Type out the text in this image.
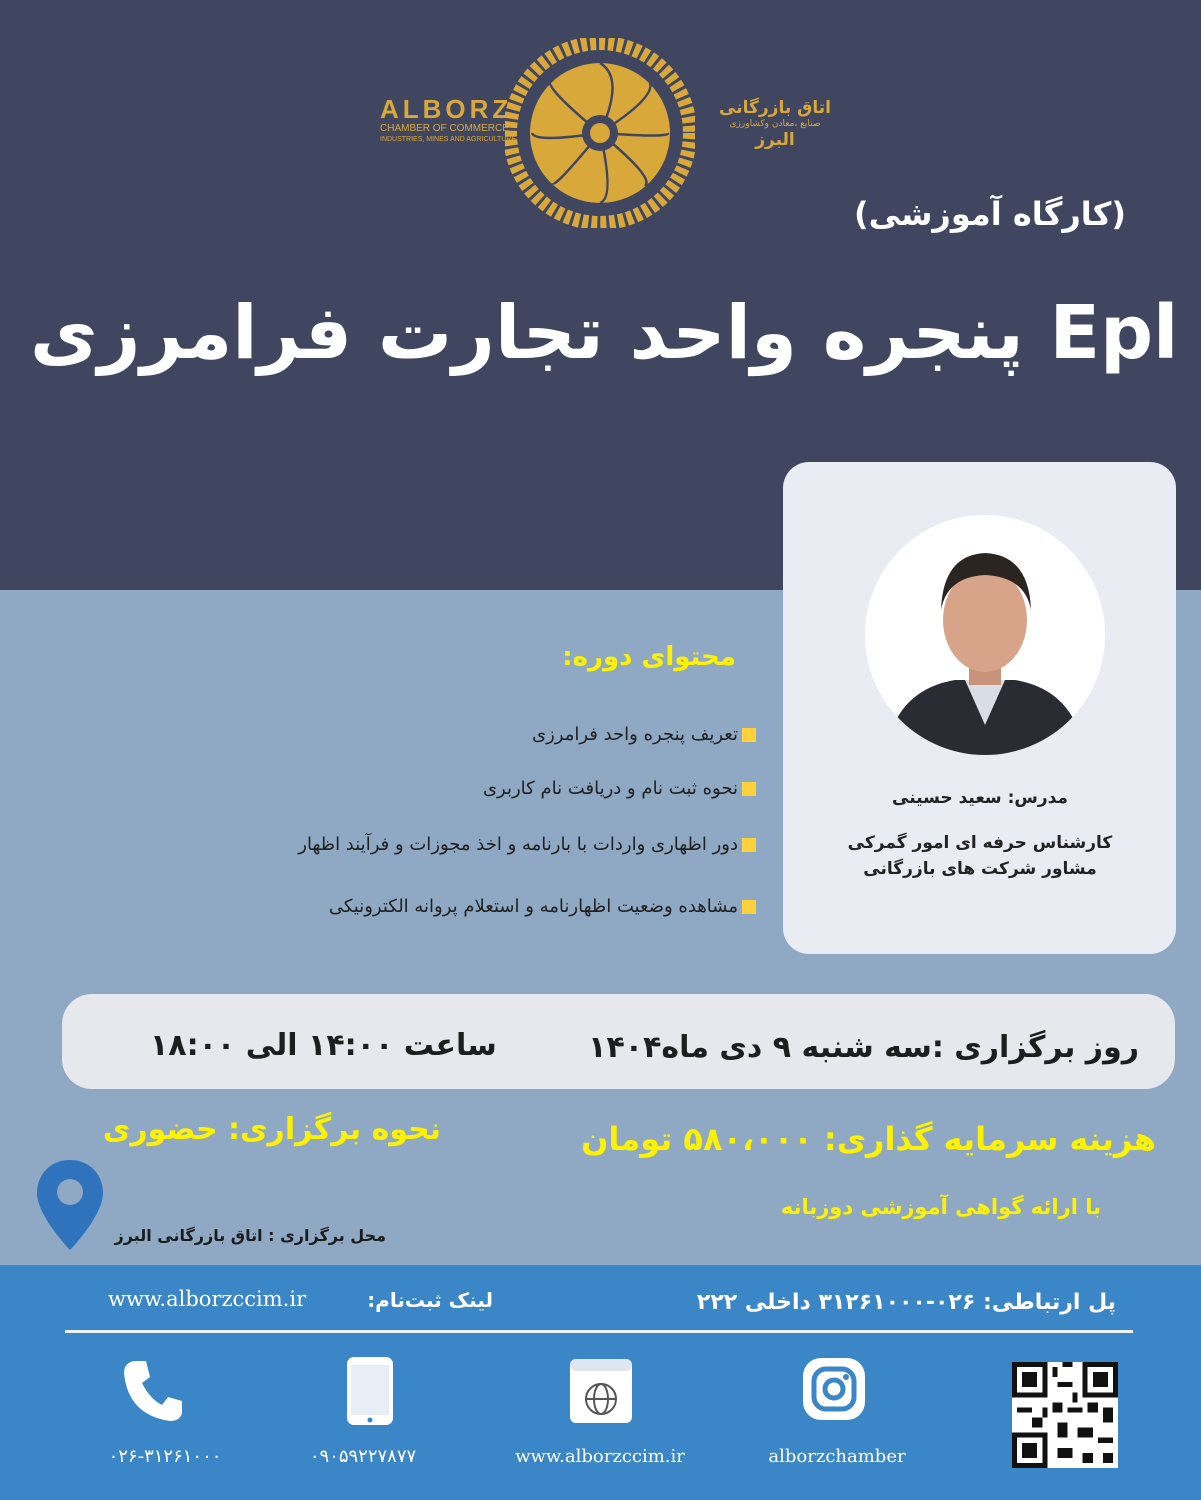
ALBORZ
CHAMBER OF COMMERCE
INDUSTRIES, MINES AND AGRICULTURE
اتاق بازرگانی
صنایع ،معادن وکشاورزی
البرز
(کارگاه آموزشی)
پنجره واحد تجارت فرامرزی Epl
مدرس: سعید حسینی
کارشناس حرفه ای امور گمرکی
مشاور شرکت های بازرگانی
محتوای دوره:
تعریف پنجره واحد فرامرزی
نحوه ثبت نام و دریافت نام کاربری
دور اظهاری واردات با بارنامه و اخذ مجوزات و فرآیند اظهار
مشاهده وضعیت اظهارنامه و استعلام پروانه الکترونیکی
روز برگزاری :سه شنبه ۹ دی ماه۱۴۰۴
ساعت ۱۴:۰۰ الی ۱۸:۰۰
هزینه سرمایه گذاری: ۵۸۰،۰۰۰ تومان
با ارائه گواهی آموزشی دوزبانه
نحوه برگزاری: حضوری
محل برگزاری : اتاق بازرگانی البرز
پل ارتباطی: ۰۲۶-۳۱۲۶۱۰۰۰ داخلی ۲۲۲
لینک ثبت‌نام:
www.alborzccim.ir
۰۲۶-۳۱۲۶۱۰۰۰	۰۹۰۵۹۲۲۷۸۷۷	www.alborzccim.ir	alborzchamber
